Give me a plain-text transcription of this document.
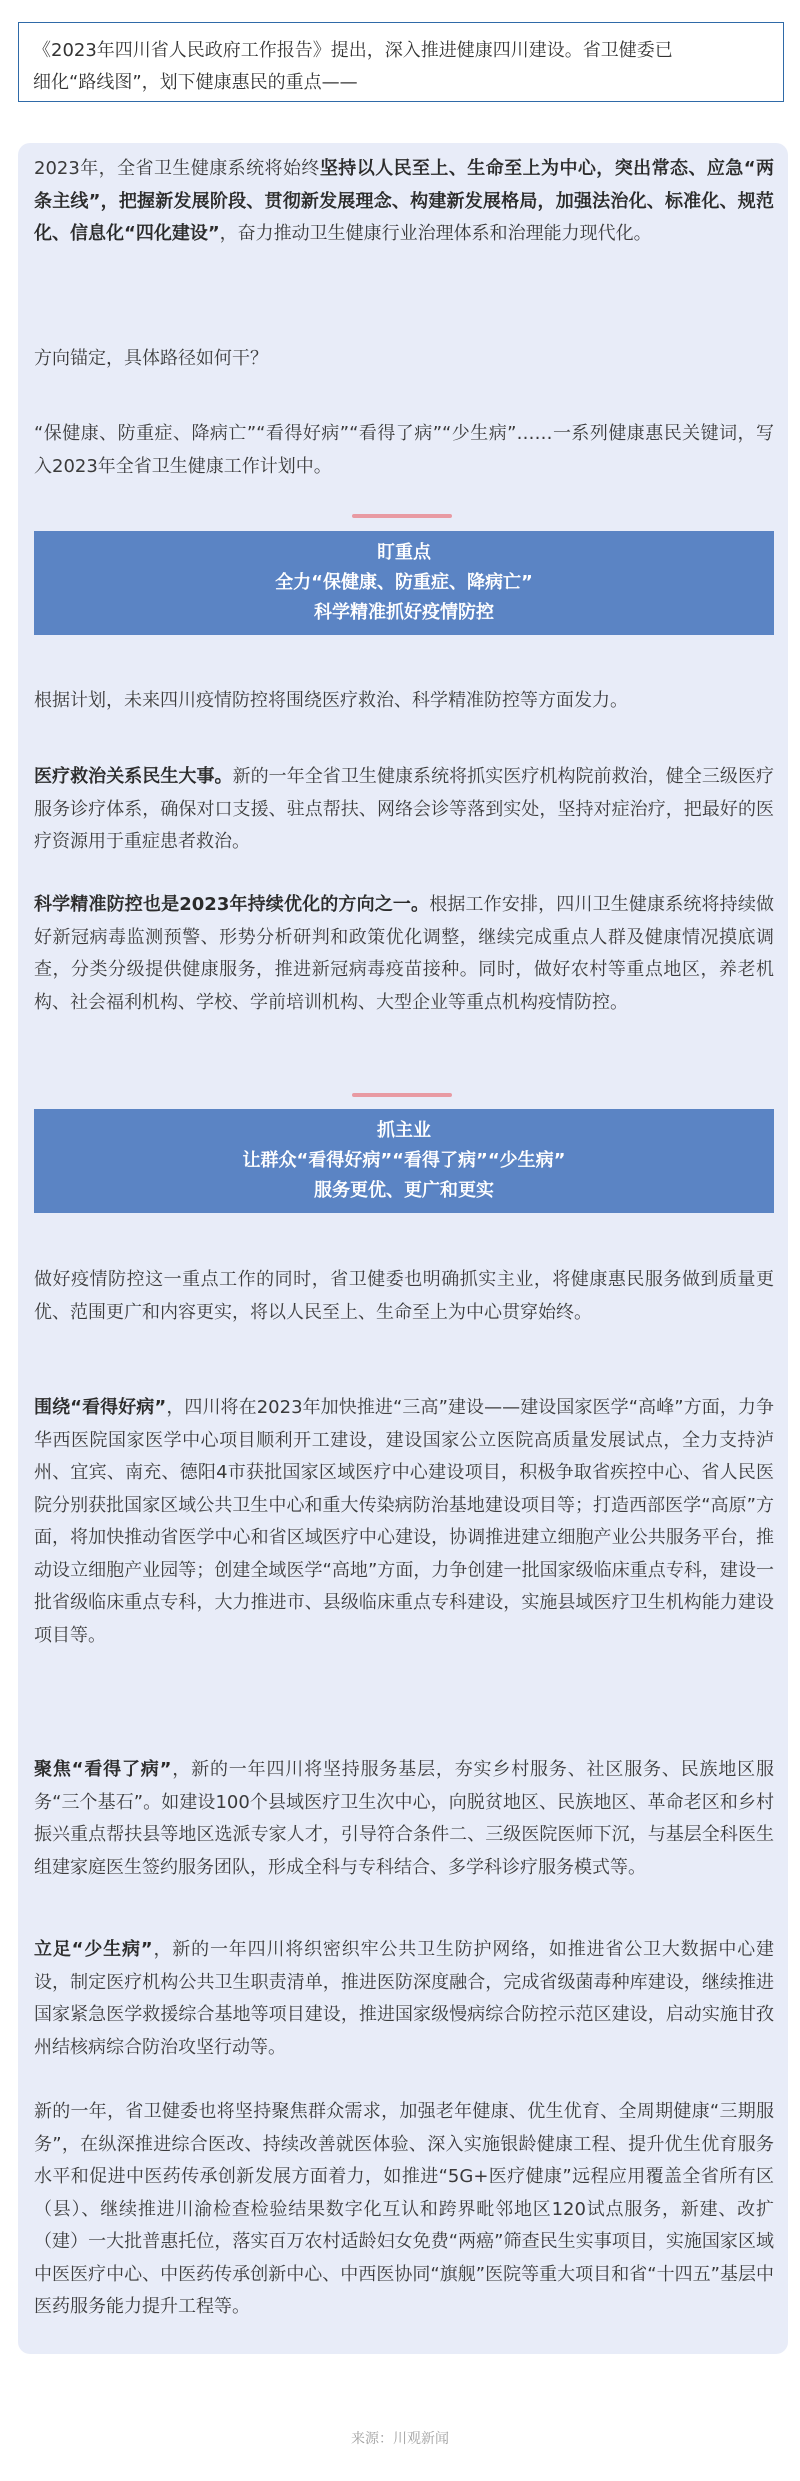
《2023年四川省人民政府工作报告》提出，深入推进健康四川建设。省卫健委已
细化“路线图”，划下健康惠民的重点——

2023年，全省卫生健康系统将始终坚持以人民至上、生命至上为中心，突出常态、应急“两条主线”，把握新发展阶段、贯彻新发展理念、构建新发展格局，加强法治化、标准化、规范化、信息化“四化建设”，奋力推动卫生健康行业治理体系和治理能力现代化。

方向锚定，具体路径如何干？

“保健康、防重症、降病亡”“看得好病”“看得了病”“少生病”……一系列健康惠民关键词，写入2023年全省卫生健康工作计划中。

盯重点
全力“保健康、防重症、降病亡”
科学精准抓好疫情防控

根据计划，未来四川疫情防控将围绕医疗救治、科学精准防控等方面发力。

医疗救治关系民生大事。新的一年全省卫生健康系统将抓实医疗机构院前救治，健全三级医疗服务诊疗体系，确保对口支援、驻点帮扶、网络会诊等落到实处，坚持对症治疗，把最好的医疗资源用于重症患者救治。

科学精准防控也是2023年持续优化的方向之一。根据工作安排，四川卫生健康系统将持续做好新冠病毒监测预警、形势分析研判和政策优化调整，继续完成重点人群及健康情况摸底调查，分类分级提供健康服务，推进新冠病毒疫苗接种。同时，做好农村等重点地区，养老机构、社会福利机构、学校、学前培训机构、大型企业等重点机构疫情防控。

抓主业
让群众“看得好病”“看得了病”“少生病”
服务更优、更广和更实

做好疫情防控这一重点工作的同时，省卫健委也明确抓实主业，将健康惠民服务做到质量更优、范围更广和内容更实，将以人民至上、生命至上为中心贯穿始终。

围绕“看得好病”，四川将在2023年加快推进“三高”建设——建设国家医学“高峰”方面，力争华西医院国家医学中心项目顺利开工建设，建设国家公立医院高质量发展试点，全力支持泸州、宜宾、南充、德阳4市获批国家区域医疗中心建设项目，积极争取省疾控中心、省人民医院分别获批国家区域公共卫生中心和重大传染病防治基地建设项目等；打造西部医学“高原”方面，将加快推动省医学中心和省区域医疗中心建设，协调推进建立细胞产业公共服务平台，推动设立细胞产业园等；创建全域医学“高地”方面，力争创建一批国家级临床重点专科，建设一批省级临床重点专科，大力推进市、县级临床重点专科建设，实施县域医疗卫生机构能力建设项目等。

聚焦“看得了病”，新的一年四川将坚持服务基层，夯实乡村服务、社区服务、民族地区服务“三个基石”。如建设100个县域医疗卫生次中心，向脱贫地区、民族地区、革命老区和乡村振兴重点帮扶县等地区选派专家人才，引导符合条件二、三级医院医师下沉，与基层全科医生组建家庭医生签约服务团队，形成全科与专科结合、多学科诊疗服务模式等。

立足“少生病”，新的一年四川将织密织牢公共卫生防护网络，如推进省公卫大数据中心建设，制定医疗机构公共卫生职责清单，推进医防深度融合，完成省级菌毒种库建设，继续推进国家紧急医学救援综合基地等项目建设，推进国家级慢病综合防控示范区建设，启动实施甘孜州结核病综合防治攻坚行动等。

新的一年，省卫健委也将坚持聚焦群众需求，加强老年健康、优生优育、全周期健康“三期服务”，在纵深推进综合医改、持续改善就医体验、深入实施银龄健康工程、提升优生优育服务水平和促进中医药传承创新发展方面着力，如推进“5G+医疗健康”远程应用覆盖全省所有区（县）、继续推进川渝检查检验结果数字化互认和跨界毗邻地区120试点服务，新建、改扩（建）一大批普惠托位，落实百万农村适龄妇女免费“两癌”筛查民生实事项目，实施国家区域中医医疗中心、中医药传承创新中心、中西医协同“旗舰”医院等重大项目和省“十四五”基层中医药服务能力提升工程等。

来源：川观新闻
